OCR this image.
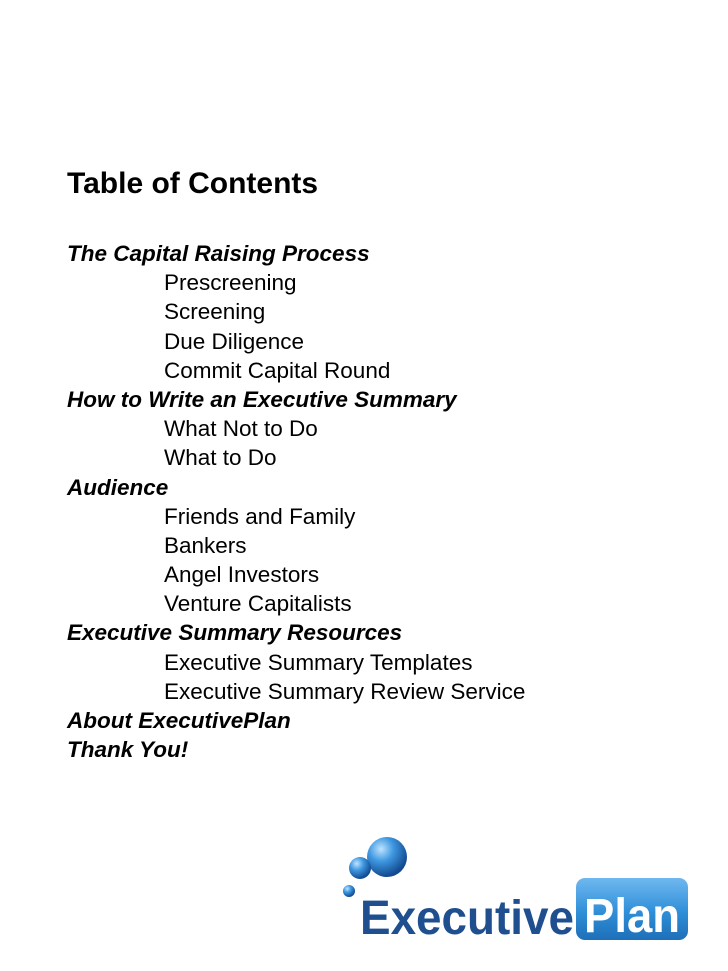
Table of Contents
The Capital Raising Process
Prescreening
Screening
Due Diligence
Commit Capital Round
How to Write an Executive Summary
What Not to Do
What to Do
Audience
Friends and Family
Bankers
Angel Investors
Venture Capitalists
Executive Summary Resources
Executive Summary Templates
Executive Summary Review Service
About ExecutivePlan
Thank You!
Executive Plan
